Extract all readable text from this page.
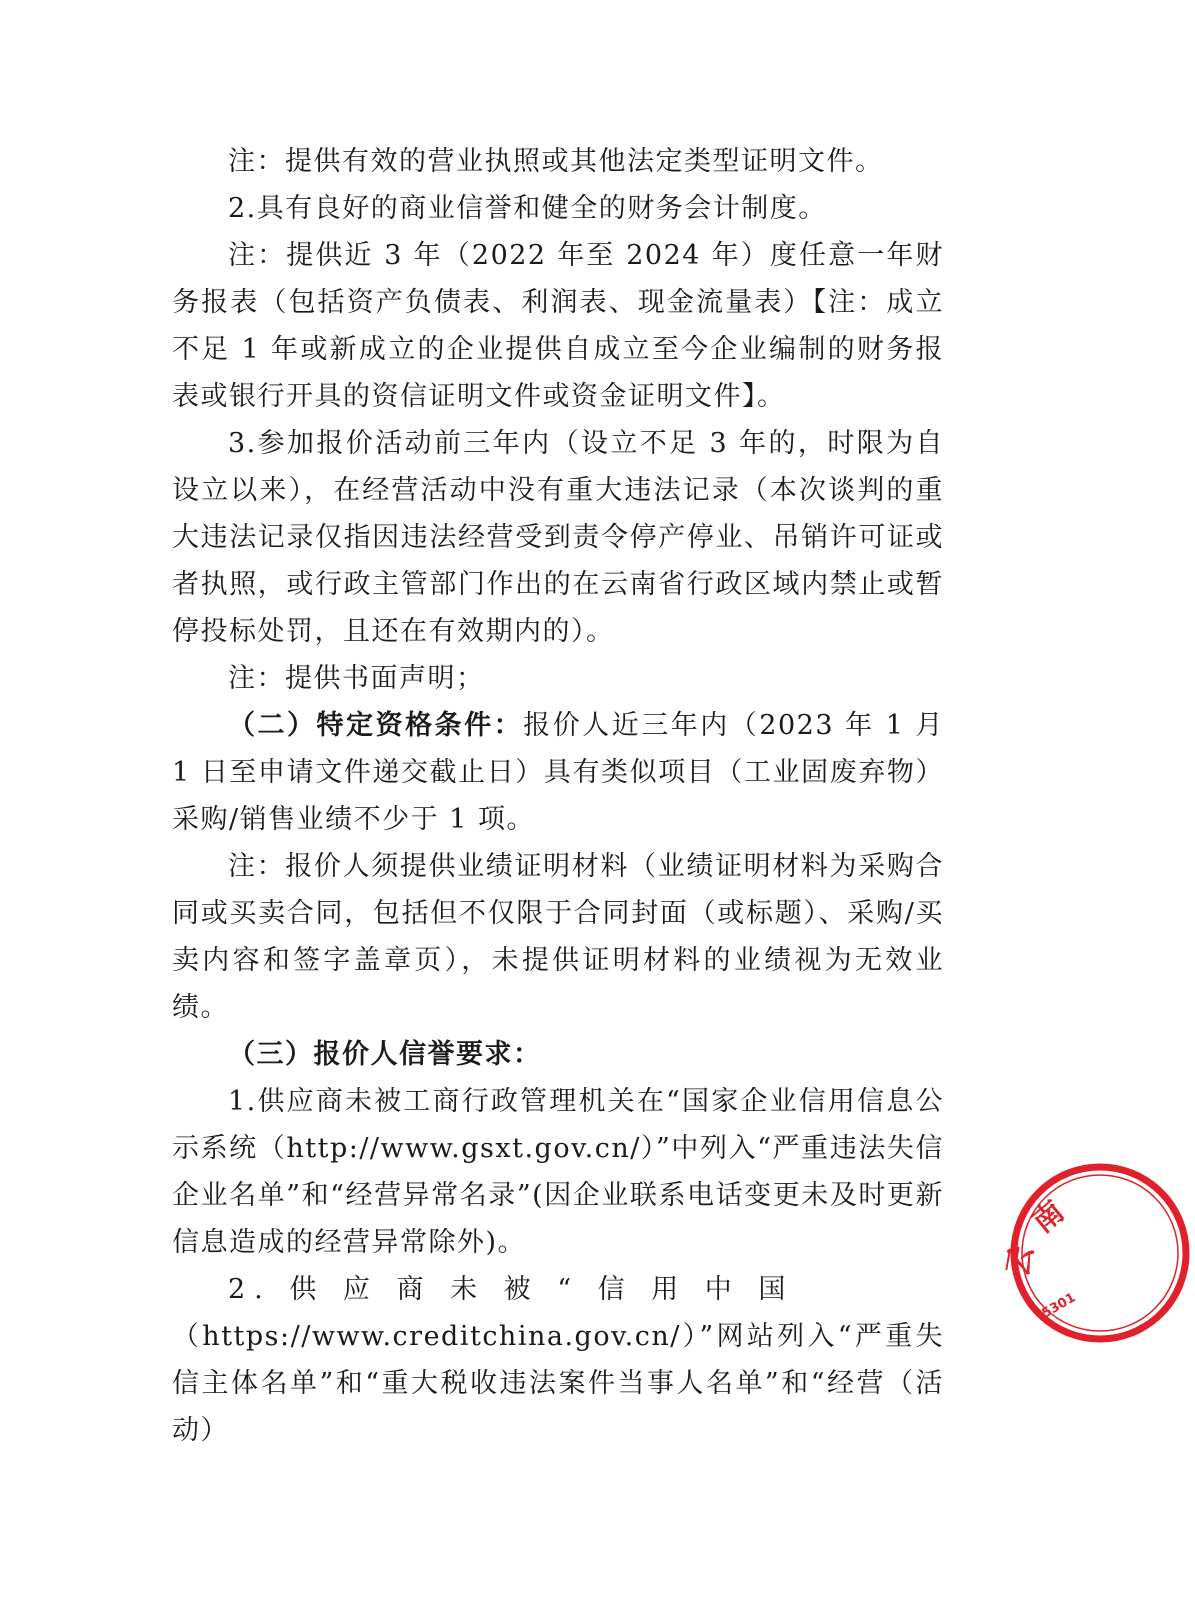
注：提供有效的营业执照或其他法定类型证明文件。

2.具有良好的商业信誉和健全的财务会计制度。

注：提供近 3 年（2022 年至 2024 年）度任意一年财务报表（包括资产负债表、利润表、现金流量表）【注：成立不足 1 年或新成立的企业提供自成立至今企业编制的财务报表或银行开具的资信证明文件或资金证明文件】。

3.参加报价活动前三年内（设立不足 3 年的，时限为自设立以来），在经营活动中没有重大违法记录（本次谈判的重大违法记录仅指因违法经营受到责令停产停业、吊销许可证或者执照，或行政主管部门作出的在云南省行政区域内禁止或暂停投标处罚，且还在有效期内的）。

注：提供书面声明；

（二）特定资格条件：报价人近三年内（2023 年 1 月 1 日至申请文件递交截止日）具有类似项目（工业固废弃物）采购/销售业绩不少于 1 项。

注：报价人须提供业绩证明材料（业绩证明材料为采购合同或买卖合同，包括但不仅限于合同封面（或标题）、采购/买卖内容和签字盖章页），未提供证明材料的业绩视为无效业绩。

（三）报价人信誉要求：

1.供应商未被工商行政管理机关在“国家企业信用信息公示系统（http://www.gsxt.gov.cn/）”中列入“严重违法失信企业名单”和“经营异常名录”(因企业联系电话变更未及时更新信息造成的经营异常除外)。

2. 供 应 商 未 被 “ 信 用 中 国

（https://www.creditchina.gov.cn/）”网站列入“严重失信主体名单”和“重大税收违法案件当事人名单”和“经营（活动）

南
云
5301
